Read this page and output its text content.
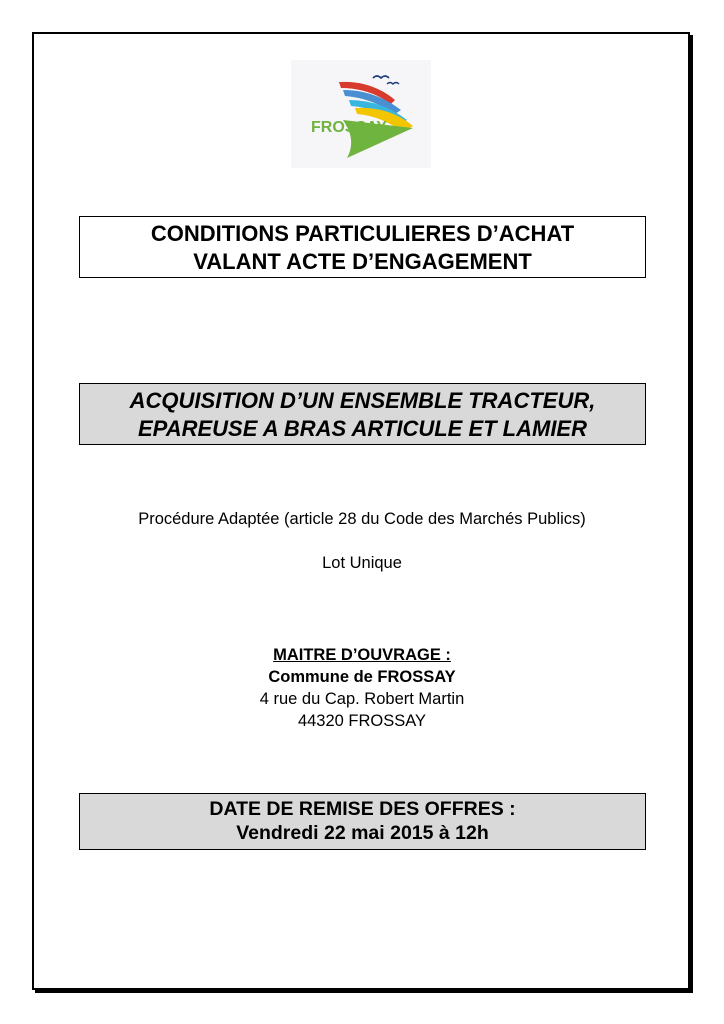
FROSSAY
CONDITIONS PARTICULIERES D’ACHAT
VALANT ACTE D’ENGAGEMENT
ACQUISITION D’UN ENSEMBLE TRACTEUR,
EPAREUSE A BRAS ARTICULE ET LAMIER
Procédure Adaptée (article 28 du Code des Marchés Publics)
Lot Unique
MAITRE D’OUVRAGE :
Commune de FROSSAY
4 rue du Cap. Robert Martin
44320 FROSSAY
DATE DE REMISE DES OFFRES :
Vendredi 22 mai 2015 à 12h
